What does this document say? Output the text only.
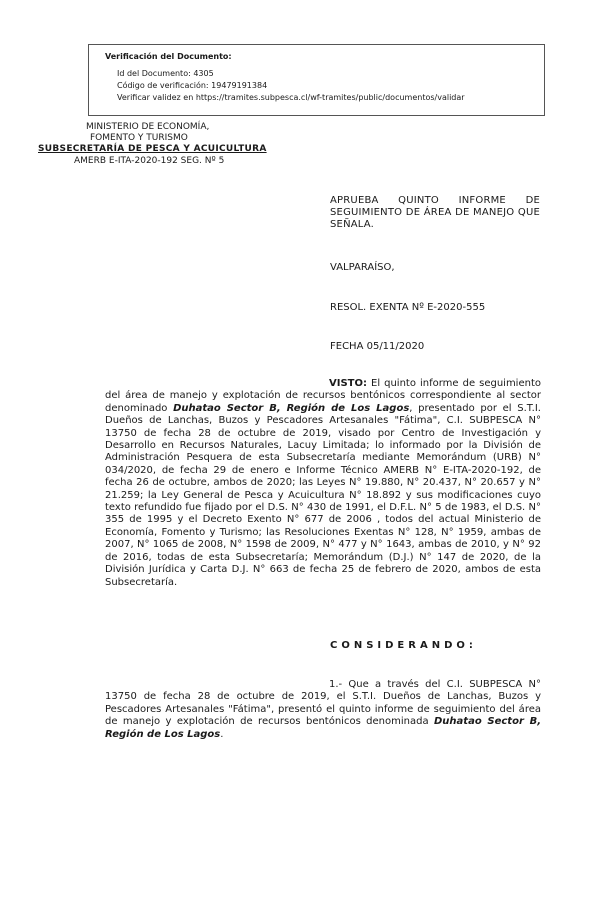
Verificación del Documento:
▸ Id del Documento: 4305
▸ Código de verificación: 19479191384
▸ Verificar validez en https://tramites.subpesca.cl/wf-tramites/public/documentos/validar
MINISTERIO DE ECONOMÍA,
FOMENTO Y TURISMO
SUBSECRETARÍA DE PESCA Y ACUICULTURA
AMERB E-ITA-2020-192 SEG. Nº 5
APRUEBA QUINTO INFORME DE SEGUIMIENTO DE ÁREA DE MANEJO QUE SEÑALA.
VALPARAÍSO,
RESOL. EXENTA Nº E-2020-555
FECHA 05/11/2020
VISTO: El quinto informe de seguimiento del área de manejo y explotación de recursos bentónicos correspondiente al sector denominado Duhatao Sector B, Región de Los Lagos, presentado por el S.T.I. Dueños de Lanchas, Buzos y Pescadores Artesanales "Fátima", C.I. SUBPESCA N° 13750 de fecha 28 de octubre de 2019, visado por Centro de Investigación y Desarrollo en Recursos Naturales, Lacuy Limitada; lo informado por la División de Administración Pesquera de esta Subsecretaría mediante Memorándum (URB) N° 034/2020, de fecha 29 de enero e Informe Técnico AMERB N° E-ITA-2020-192, de fecha 26 de octubre, ambos de 2020; las Leyes N° 19.880, N° 20.437, N° 20.657 y N° 21.259; la Ley General de Pesca y Acuicultura N° 18.892 y sus modificaciones cuyo texto refundido fue fijado por el D.S. N° 430 de 1991, el D.F.L. N° 5 de 1983, el D.S. N° 355 de 1995 y el Decreto Exento N° 677 de 2006 , todos del actual Ministerio de Economía, Fomento y Turismo; las Resoluciones Exentas N° 128, N° 1959, ambas de 2007, N° 1065 de 2008, N° 1598 de 2009, N° 477 y N° 1643, ambas de 2010, y N° 92 de 2016, todas de esta Subsecretaría; Memorándum (D.J.) N° 147 de 2020, de la División Jurídica y Carta D.J. N° 663 de fecha 25 de febrero de 2020, ambos de esta Subsecretaría.
CONSIDERANDO:
1.- Que a través del C.I. SUBPESCA N° 13750 de fecha 28 de octubre de 2019, el S.T.I. Dueños de Lanchas, Buzos y Pescadores Artesanales "Fátima", presentó el quinto informe de seguimiento del área de manejo y explotación de recursos bentónicos denominada Duhatao Sector B, Región de Los Lagos.
